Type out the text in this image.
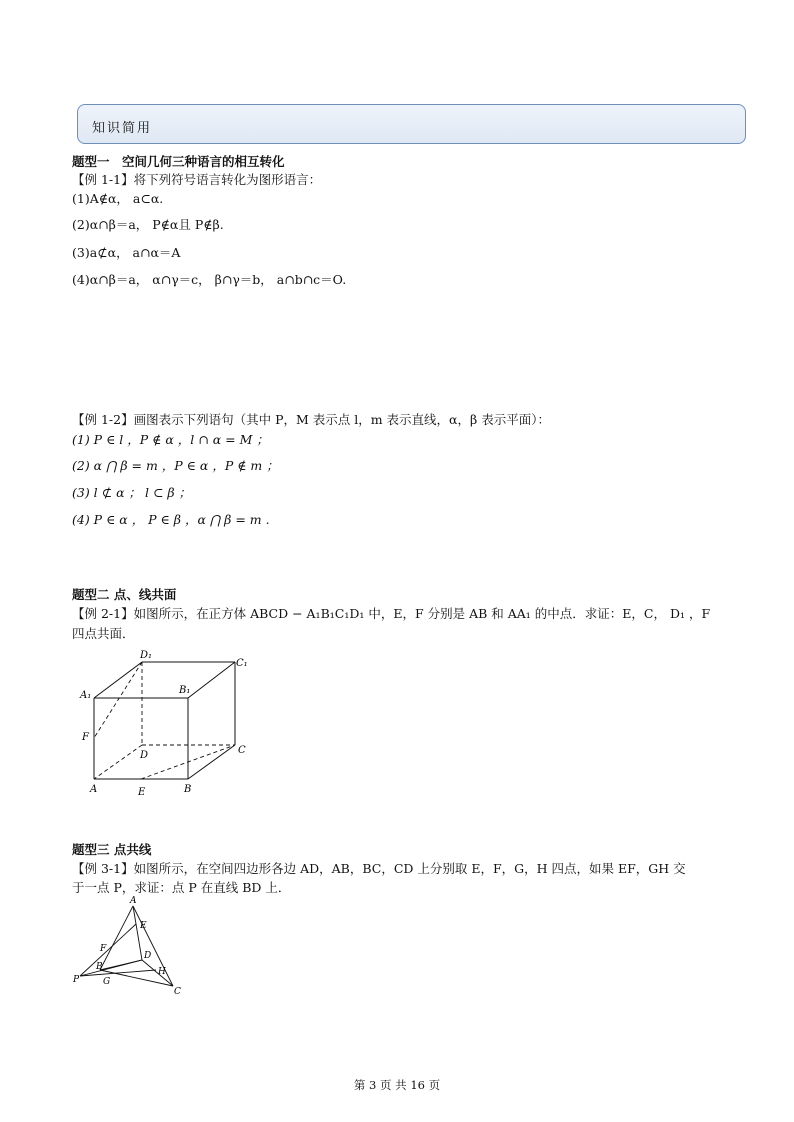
知识简用
题型一　空间几何三种语言的相互转化
【例 1-1】将下列符号语言转化为图形语言：
(1)A∉α， a⊂α.
(2)α∩β＝a， P∉α且 P∉β.
(3)a⊄α， a∩α＝A
(4)α∩β＝a， α∩γ＝c， β∩γ＝b， a∩b∩c＝O.
【例 1-2】画图表示下列语句（其中 P，M 表示点 l，m 表示直线，α，β 表示平面）：
(1) P ∈ l ，P ∉ α ，l ∩ α = M ；
(2) α ⋂ β = m ，P ∈ α ，P ∉ m ；
(3) l ⊄ α ； l ⊂ β ；
(4) P ∈ α ， P ∈ β ，α ⋂ β = m .
题型二 点、线共面
【例 2-1】如图所示，在正方体 ABCD − A₁B₁C₁D₁ 中，E，F 分别是 AB 和 AA₁ 的中点．求证：E，C， D₁ ，F
四点共面．
D₁
C₁
A₁	B₁
F
D	C
A	E	B
题型三 点共线
【例 3-1】如图所示，在空间四边形各边 AD，AB，BC，CD 上分别取 E，F，G，H 四点，如果 EF，GH 交
于一点 P，求证：点 P 在直线 BD 上．
A
E
F
B
D
H
P	G
C
第 3 页 共 16 页
